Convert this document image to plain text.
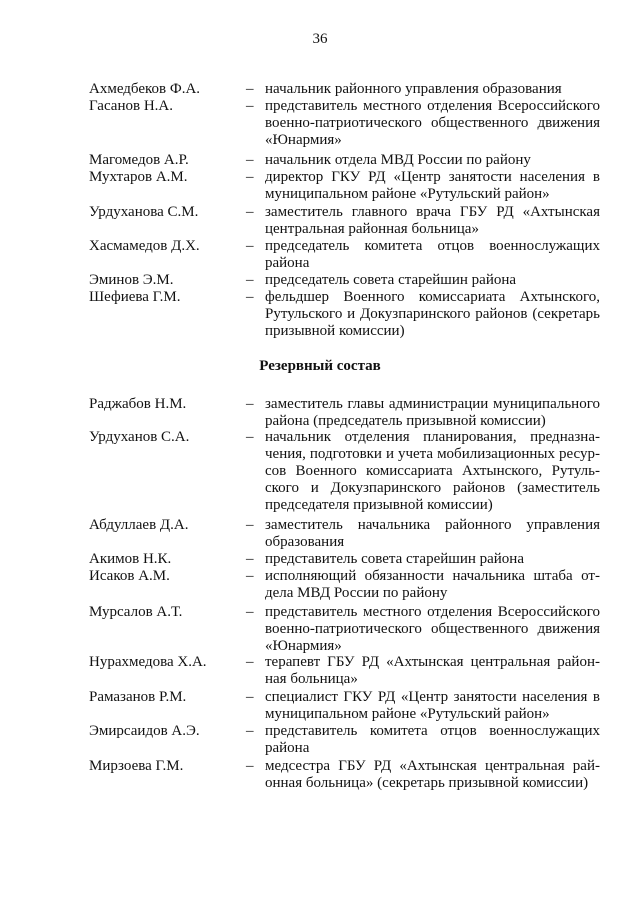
36
Ахмедбеков Ф.А.	– начальник районного управления образования
Гасанов Н.А.	– представитель местного отделения Всероссийского военно-патриотического общественного движения «Юнармия»
Магомедов А.Р.	– начальник отдела МВД России по району
Мухтаров А.М.	– директор ГКУ РД «Центр занятости населения в муниципальном районе «Рутульский район»
Урдуханова С.М.	– заместитель главного врача ГБУ РД «Ахтынская центральная районная больница»
Хасмамедов Д.Х.	– председатель комитета отцов военнослужащих района
Эминов Э.М.	– председатель совета старейшин района
Шефиева Г.М.	– фельдшер Военного комиссариата Ахтынского, Рутульского и Докузпаринского районов (секретарь призывной комиссии)
Резервный состав
Раджабов Н.М.	– заместитель главы администрации муниципального района (председатель призывной комиссии)
Урдуханов С.А.	– начальник отделения планирования, предназначения, подготовки и учета мобилизационных ресурсов Военного комиссариата Ахтынского, Рутульского и Докузпаринского районов (заместитель председателя призывной комиссии)
Абдуллаев Д.А.	– заместитель начальника районного управления образования
Акимов Н.К.	– представитель совета старейшин района
Исаков А.М.	– исполняющий обязанности начальника штаба отдела МВД России по району
Мурсалов А.Т.	– представитель местного отделения Всероссийского военно-патриотического общественного движения «Юнармия»
Нурахмедова Х.А.	– терапевт ГБУ РД «Ахтынская центральная районная больница»
Рамазанов Р.М.	– специалист ГКУ РД «Центр занятости населения в муниципальном районе «Рутульский район»
Эмирсаидов А.Э.	– представитель комитета отцов военнослужащих района
Мирзоева Г.М.	– медсестра ГБУ РД «Ахтынская центральная районная больница» (секретарь призывной комиссии)
